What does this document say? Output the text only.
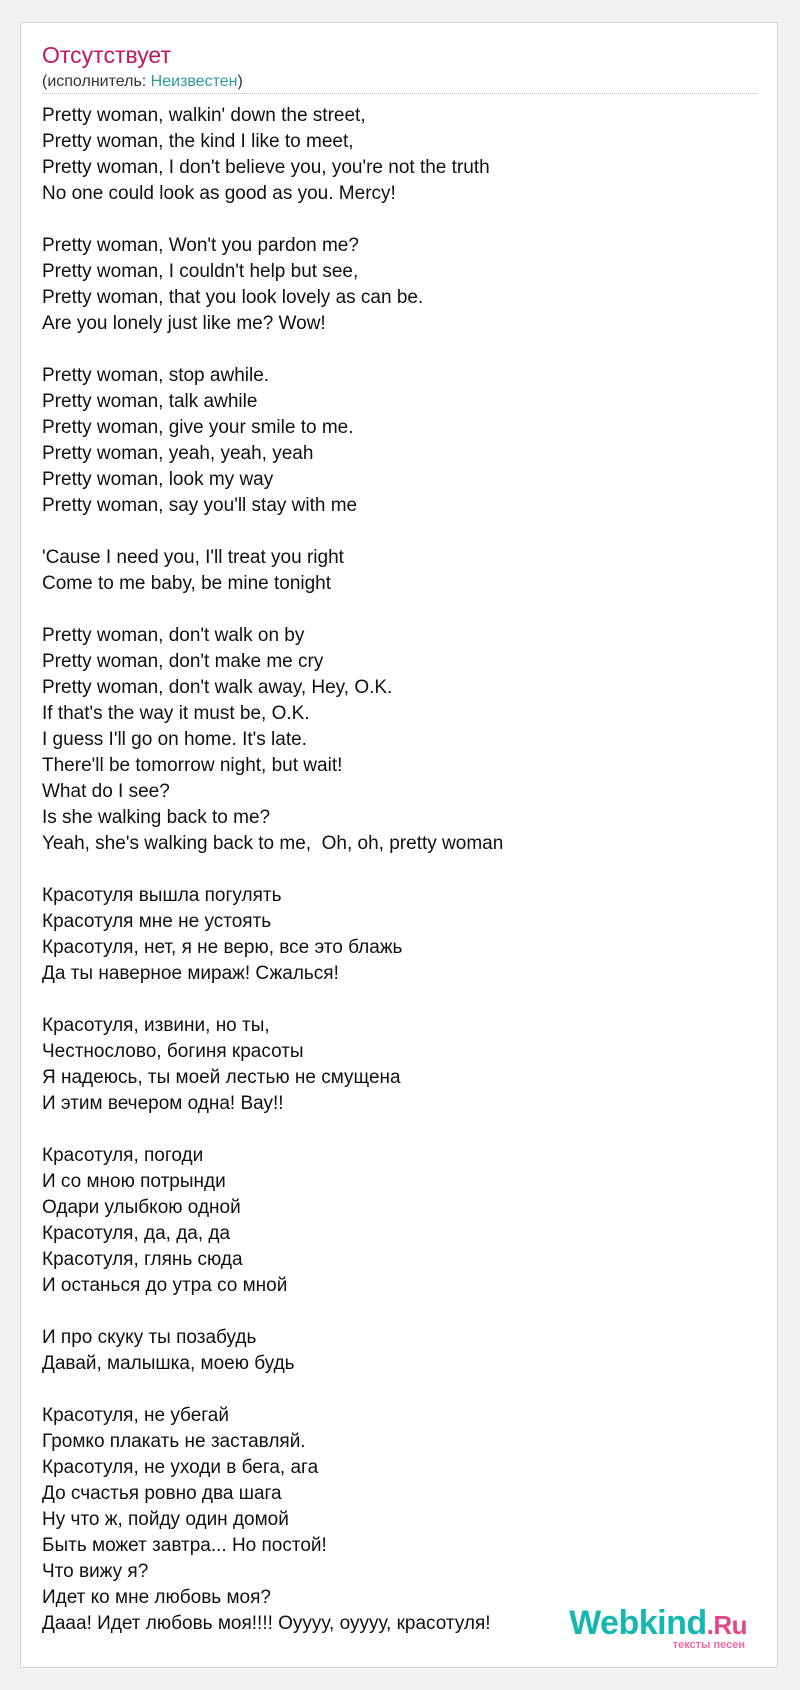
Отсутствует
(исполнитель: Неизвестен)
Pretty woman, walkin' down the street,
Pretty woman, the kind I like to meet,
Pretty woman, I don't believe you, you're not the truth
No one could look as good as you. Mercy!
Pretty woman, Won't you pardon me?
Pretty woman, I couldn't help but see,
Pretty woman, that you look lovely as can be.
Are you lonely just like me? Wow!
Pretty woman, stop awhile.
Pretty woman, talk awhile
Pretty woman, give your smile to me.
Pretty woman, yeah, yeah, yeah
Pretty woman, look my way
Pretty woman, say you'll stay with me
'Cause I need you, I'll treat you right
Come to me baby, be mine tonight
Pretty woman, don't walk on by
Pretty woman, don't make me cry
Pretty woman, don't walk away, Hey, O.K.
If that's the way it must be, O.K.
I guess I'll go on home. It's late.
There'll be tomorrow night, but wait!
What do I see?
Is she walking back to me?
Yeah, she's walking back to me,  Oh, oh, pretty woman
Красотуля вышла погулять
Красотуля мне не устоять
Красотуля, нет, я не верю, все это блажь
Да ты наверное мираж! Сжалься!
Красотуля, извини, но ты,
Честнослово, богиня красоты
Я надеюсь, ты моей лестью не смущена
И этим вечером одна! Вау!!
Красотуля, погоди
И со мною потрынди
Одари улыбкою одной
Красотуля, да, да, да
Красотуля, глянь сюда
И останься до утра со мной
И про скуку ты позабудь
Давай, малышка, моею будь
Красотуля, не убегай
Громко плакать не заставляй.
Красотуля, не уходи в бега, ага
До счастья ровно два шага
Ну что ж, пойду один домой
Быть может завтра... Но постой!
Что вижу я?
Идет ко мне любовь моя?
Дааа! Идет любовь моя!!!! Оуууу, оуууу, красотуля!	Webkind.Ru
тексты песен
